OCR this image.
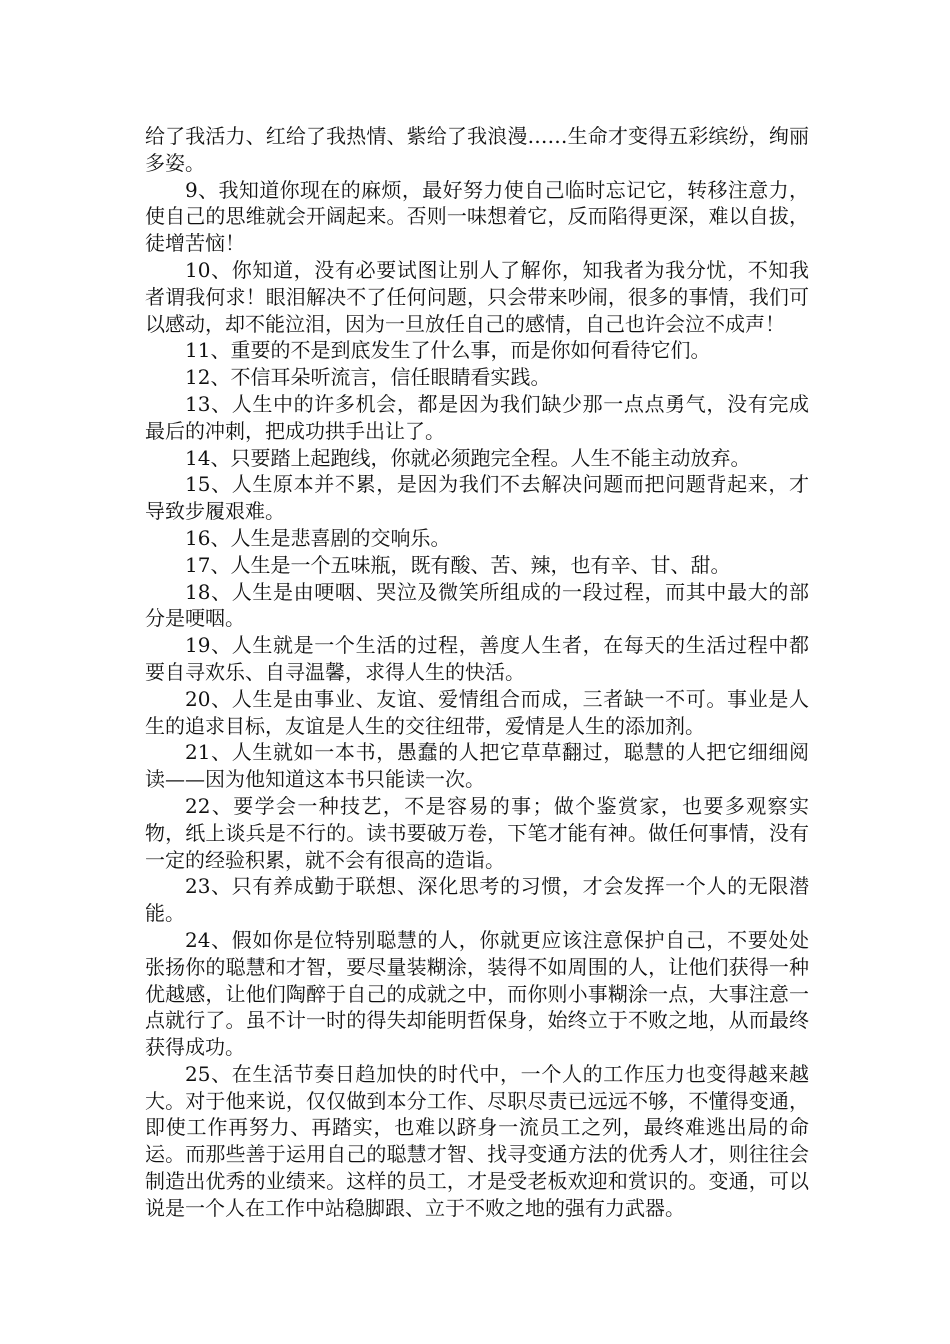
给了我活力、红给了我热情、紫给了我浪漫……生命才变得五彩缤纷，绚丽多姿。

9、我知道你现在的麻烦，最好努力使自己临时忘记它，转移注意力，使自己的思维就会开阔起来。否则一味想着它，反而陷得更深，难以自拔，徒增苦恼！

10、你知道，没有必要试图让别人了解你，知我者为我分忧，不知我者谓我何求！眼泪解决不了任何问题，只会带来吵闹，很多的事情，我们可以感动，却不能泣泪，因为一旦放任自己的感情，自己也许会泣不成声！

11、重要的不是到底发生了什么事，而是你如何看待它们。

12、不信耳朵听流言，信任眼睛看实践。

13、人生中的许多机会，都是因为我们缺少那一点点勇气，没有完成最后的冲刺，把成功拱手出让了。

14、只要踏上起跑线，你就必须跑完全程。人生不能主动放弃。

15、人生原本并不累，是因为我们不去解决问题而把问题背起来，才导致步履艰难。

16、人生是悲喜剧的交响乐。

17、人生是一个五味瓶，既有酸、苦、辣，也有辛、甘、甜。

18、人生是由哽咽、哭泣及微笑所组成的一段过程，而其中最大的部分是哽咽。

19、人生就是一个生活的过程，善度人生者，在每天的生活过程中都要自寻欢乐、自寻温馨，求得人生的快活。

20、人生是由事业、友谊、爱情组合而成，三者缺一不可。事业是人生的追求目标，友谊是人生的交往纽带，爱情是人生的添加剂。

21、人生就如一本书，愚蠢的人把它草草翻过，聪慧的人把它细细阅读——因为他知道这本书只能读一次。

22、要学会一种技艺，不是容易的事；做个鉴赏家，也要多观察实物，纸上谈兵是不行的。读书要破万卷，下笔才能有神。做任何事情，没有一定的经验积累，就不会有很高的造诣。

23、只有养成勤于联想、深化思考的习惯，才会发挥一个人的无限潜能。

24、假如你是位特别聪慧的人，你就更应该注意保护自己，不要处处张扬你的聪慧和才智，要尽量装糊涂，装得不如周围的人，让他们获得一种优越感，让他们陶醉于自己的成就之中，而你则小事糊涂一点，大事注意一点就行了。虽不计一时的得失却能明哲保身，始终立于不败之地，从而最终获得成功。

25、在生活节奏日趋加快的时代中，一个人的工作压力也变得越来越大。对于他来说，仅仅做到本分工作、尽职尽责已远远不够，不懂得变通，即使工作再努力、再踏实，也难以跻身一流员工之列，最终难逃出局的命运。而那些善于运用自己的聪慧才智、找寻变通方法的优秀人才，则往往会制造出优秀的业绩来。这样的员工，才是受老板欢迎和赏识的。变通，可以说是一个人在工作中站稳脚跟、立于不败之地的强有力武器。
